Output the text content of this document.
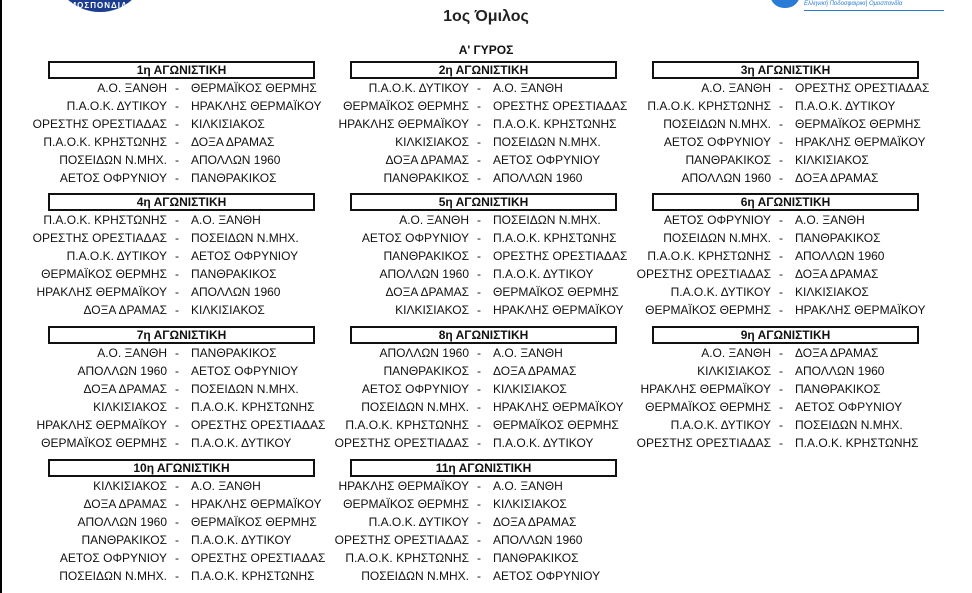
ΟΜΟΣΠΟΝΔΙΑ Κ	Ελληνική Ποδοσφαιρική Ομοσπονδία
1ος Όμιλος
Α' ΓΥΡΟΣ
1η ΑΓΩΝΙΣΤΙΚΗ
Α.Ο. ΞΑΝΘΗ - ΘΕΡΜΑΪΚΟΣ ΘΕΡΜΗΣ
Π.Α.Ο.Κ. ΔΥΤΙΚΟΥ - ΗΡΑΚΛΗΣ ΘΕΡΜΑΪΚΟΥ
ΟΡΕΣΤΗΣ ΟΡΕΣΤΙΑΔΑΣ - ΚΙΛΚΙΣΙΑΚΟΣ
Π.Α.Ο.Κ. ΚΡΗΣΤΩΝΗΣ - ΔΟΞΑ ΔΡΑΜΑΣ
ΠΟΣΕΙΔΩΝ Ν.ΜΗΧ. - ΑΠΟΛΛΩΝ 1960
ΑΕΤΟΣ ΟΦΡΥΝΙΟΥ - ΠΑΝΘΡΑΚΙΚΟΣ
2η ΑΓΩΝΙΣΤΙΚΗ
Π.Α.Ο.Κ. ΔΥΤΙΚΟΥ - Α.Ο. ΞΑΝΘΗ
ΘΕΡΜΑΪΚΟΣ ΘΕΡΜΗΣ - ΟΡΕΣΤΗΣ ΟΡΕΣΤΙΑΔΑΣ
ΗΡΑΚΛΗΣ ΘΕΡΜΑΪΚΟΥ - Π.Α.Ο.Κ. ΚΡΗΣΤΩΝΗΣ
ΚΙΛΚΙΣΙΑΚΟΣ - ΠΟΣΕΙΔΩΝ Ν.ΜΗΧ.
ΔΟΞΑ ΔΡΑΜΑΣ - ΑΕΤΟΣ ΟΦΡΥΝΙΟΥ
ΠΑΝΘΡΑΚΙΚΟΣ - ΑΠΟΛΛΩΝ 1960
3η ΑΓΩΝΙΣΤΙΚΗ
Α.Ο. ΞΑΝΘΗ - ΟΡΕΣΤΗΣ ΟΡΕΣΤΙΑΔΑΣ
Π.Α.Ο.Κ. ΚΡΗΣΤΩΝΗΣ - Π.Α.Ο.Κ. ΔΥΤΙΚΟΥ
ΠΟΣΕΙΔΩΝ Ν.ΜΗΧ. - ΘΕΡΜΑΪΚΟΣ ΘΕΡΜΗΣ
ΑΕΤΟΣ ΟΦΡΥΝΙΟΥ - ΗΡΑΚΛΗΣ ΘΕΡΜΑΪΚΟΥ
ΠΑΝΘΡΑΚΙΚΟΣ - ΚΙΛΚΙΣΙΑΚΟΣ
ΑΠΟΛΛΩΝ 1960 - ΔΟΞΑ ΔΡΑΜΑΣ
4η ΑΓΩΝΙΣΤΙΚΗ
Π.Α.Ο.Κ. ΚΡΗΣΤΩΝΗΣ - Α.Ο. ΞΑΝΘΗ
ΟΡΕΣΤΗΣ ΟΡΕΣΤΙΑΔΑΣ - ΠΟΣΕΙΔΩΝ Ν.ΜΗΧ.
Π.Α.Ο.Κ. ΔΥΤΙΚΟΥ - ΑΕΤΟΣ ΟΦΡΥΝΙΟΥ
ΘΕΡΜΑΪΚΟΣ ΘΕΡΜΗΣ - ΠΑΝΘΡΑΚΙΚΟΣ
ΗΡΑΚΛΗΣ ΘΕΡΜΑΪΚΟΥ - ΑΠΟΛΛΩΝ 1960
ΔΟΞΑ ΔΡΑΜΑΣ - ΚΙΛΚΙΣΙΑΚΟΣ
5η ΑΓΩΝΙΣΤΙΚΗ
Α.Ο. ΞΑΝΘΗ - ΠΟΣΕΙΔΩΝ Ν.ΜΗΧ.
ΑΕΤΟΣ ΟΦΡΥΝΙΟΥ - Π.Α.Ο.Κ. ΚΡΗΣΤΩΝΗΣ
ΠΑΝΘΡΑΚΙΚΟΣ - ΟΡΕΣΤΗΣ ΟΡΕΣΤΙΑΔΑΣ
ΑΠΟΛΛΩΝ 1960 - Π.Α.Ο.Κ. ΔΥΤΙΚΟΥ
ΔΟΞΑ ΔΡΑΜΑΣ - ΘΕΡΜΑΪΚΟΣ ΘΕΡΜΗΣ
ΚΙΛΚΙΣΙΑΚΟΣ - ΗΡΑΚΛΗΣ ΘΕΡΜΑΪΚΟΥ
6η ΑΓΩΝΙΣΤΙΚΗ
ΑΕΤΟΣ ΟΦΡΥΝΙΟΥ - Α.Ο. ΞΑΝΘΗ
ΠΟΣΕΙΔΩΝ Ν.ΜΗΧ. - ΠΑΝΘΡΑΚΙΚΟΣ
Π.Α.Ο.Κ. ΚΡΗΣΤΩΝΗΣ - ΑΠΟΛΛΩΝ 1960
ΟΡΕΣΤΗΣ ΟΡΕΣΤΙΑΔΑΣ - ΔΟΞΑ ΔΡΑΜΑΣ
Π.Α.Ο.Κ. ΔΥΤΙΚΟΥ - ΚΙΛΚΙΣΙΑΚΟΣ
ΘΕΡΜΑΪΚΟΣ ΘΕΡΜΗΣ - ΗΡΑΚΛΗΣ ΘΕΡΜΑΪΚΟΥ
7η ΑΓΩΝΙΣΤΙΚΗ
Α.Ο. ΞΑΝΘΗ - ΠΑΝΘΡΑΚΙΚΟΣ
ΑΠΟΛΛΩΝ 1960 - ΑΕΤΟΣ ΟΦΡΥΝΙΟΥ
ΔΟΞΑ ΔΡΑΜΑΣ - ΠΟΣΕΙΔΩΝ Ν.ΜΗΧ.
ΚΙΛΚΙΣΙΑΚΟΣ - Π.Α.Ο.Κ. ΚΡΗΣΤΩΝΗΣ
ΗΡΑΚΛΗΣ ΘΕΡΜΑΪΚΟΥ - ΟΡΕΣΤΗΣ ΟΡΕΣΤΙΑΔΑΣ
ΘΕΡΜΑΪΚΟΣ ΘΕΡΜΗΣ - Π.Α.Ο.Κ. ΔΥΤΙΚΟΥ
8η ΑΓΩΝΙΣΤΙΚΗ
ΑΠΟΛΛΩΝ 1960 - Α.Ο. ΞΑΝΘΗ
ΠΑΝΘΡΑΚΙΚΟΣ - ΔΟΞΑ ΔΡΑΜΑΣ
ΑΕΤΟΣ ΟΦΡΥΝΙΟΥ - ΚΙΛΚΙΣΙΑΚΟΣ
ΠΟΣΕΙΔΩΝ Ν.ΜΗΧ. - ΗΡΑΚΛΗΣ ΘΕΡΜΑΪΚΟΥ
Π.Α.Ο.Κ. ΚΡΗΣΤΩΝΗΣ - ΘΕΡΜΑΪΚΟΣ ΘΕΡΜΗΣ
ΟΡΕΣΤΗΣ ΟΡΕΣΤΙΑΔΑΣ - Π.Α.Ο.Κ. ΔΥΤΙΚΟΥ
9η ΑΓΩΝΙΣΤΙΚΗ
Α.Ο. ΞΑΝΘΗ - ΔΟΞΑ ΔΡΑΜΑΣ
ΚΙΛΚΙΣΙΑΚΟΣ - ΑΠΟΛΛΩΝ 1960
ΗΡΑΚΛΗΣ ΘΕΡΜΑΪΚΟΥ - ΠΑΝΘΡΑΚΙΚΟΣ
ΘΕΡΜΑΪΚΟΣ ΘΕΡΜΗΣ - ΑΕΤΟΣ ΟΦΡΥΝΙΟΥ
Π.Α.Ο.Κ. ΔΥΤΙΚΟΥ - ΠΟΣΕΙΔΩΝ Ν.ΜΗΧ.
ΟΡΕΣΤΗΣ ΟΡΕΣΤΙΑΔΑΣ - Π.Α.Ο.Κ. ΚΡΗΣΤΩΝΗΣ
10η ΑΓΩΝΙΣΤΙΚΗ
ΚΙΛΚΙΣΙΑΚΟΣ - Α.Ο. ΞΑΝΘΗ
ΔΟΞΑ ΔΡΑΜΑΣ - ΗΡΑΚΛΗΣ ΘΕΡΜΑΪΚΟΥ
ΑΠΟΛΛΩΝ 1960 - ΘΕΡΜΑΪΚΟΣ ΘΕΡΜΗΣ
ΠΑΝΘΡΑΚΙΚΟΣ - Π.Α.Ο.Κ. ΔΥΤΙΚΟΥ
ΑΕΤΟΣ ΟΦΡΥΝΙΟΥ - ΟΡΕΣΤΗΣ ΟΡΕΣΤΙΑΔΑΣ
ΠΟΣΕΙΔΩΝ Ν.ΜΗΧ. - Π.Α.Ο.Κ. ΚΡΗΣΤΩΝΗΣ
11η ΑΓΩΝΙΣΤΙΚΗ
ΗΡΑΚΛΗΣ ΘΕΡΜΑΪΚΟΥ - Α.Ο. ΞΑΝΘΗ
ΘΕΡΜΑΪΚΟΣ ΘΕΡΜΗΣ - ΚΙΛΚΙΣΙΑΚΟΣ
Π.Α.Ο.Κ. ΔΥΤΙΚΟΥ - ΔΟΞΑ ΔΡΑΜΑΣ
ΟΡΕΣΤΗΣ ΟΡΕΣΤΙΑΔΑΣ - ΑΠΟΛΛΩΝ 1960
Π.Α.Ο.Κ. ΚΡΗΣΤΩΝΗΣ - ΠΑΝΘΡΑΚΙΚΟΣ
ΠΟΣΕΙΔΩΝ Ν.ΜΗΧ. - ΑΕΤΟΣ ΟΦΡΥΝΙΟΥ
